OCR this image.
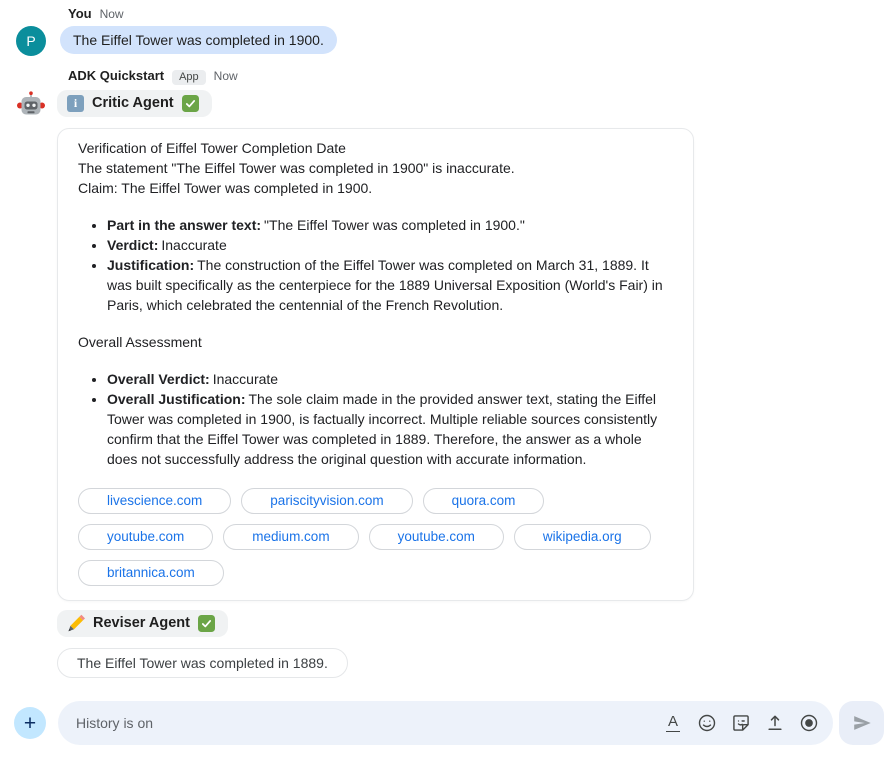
You Now
P	The Eiffel Tower was completed in 1900.
ADK Quickstart	App	Now
i Critic Agent

Verification of Eiffel Tower Completion Date

The statement "The Eiffel Tower was completed in 1900" is inaccurate.

Claim: The Eiffel Tower was completed in 1900.

• Part in the answer text: "The Eiffel Tower was completed in 1900."
• Verdict: Inaccurate
• Justification: The construction of the Eiffel Tower was completed on March 31, 1889. It was built specifically as the centerpiece for the 1889 Universal Exposition (World's Fair) in Paris, which celebrated the centennial of the French Revolution.

Overall Assessment

• Overall Verdict: Inaccurate
• Overall Justification: The sole claim made in the provided answer text, stating the Eiffel Tower was completed in 1900, is factually incorrect. Multiple reliable sources consistently confirm that the Eiffel Tower was completed in 1889. Therefore, the answer as a whole does not successfully address the original question with accurate information.
livescience.com	pariscityvision.com	quora.com
youtube.com	medium.com	youtube.com	wikipedia.org
britannica.com
Reviser Agent
The Eiffel Tower was completed in 1889.
+
History is on	A
